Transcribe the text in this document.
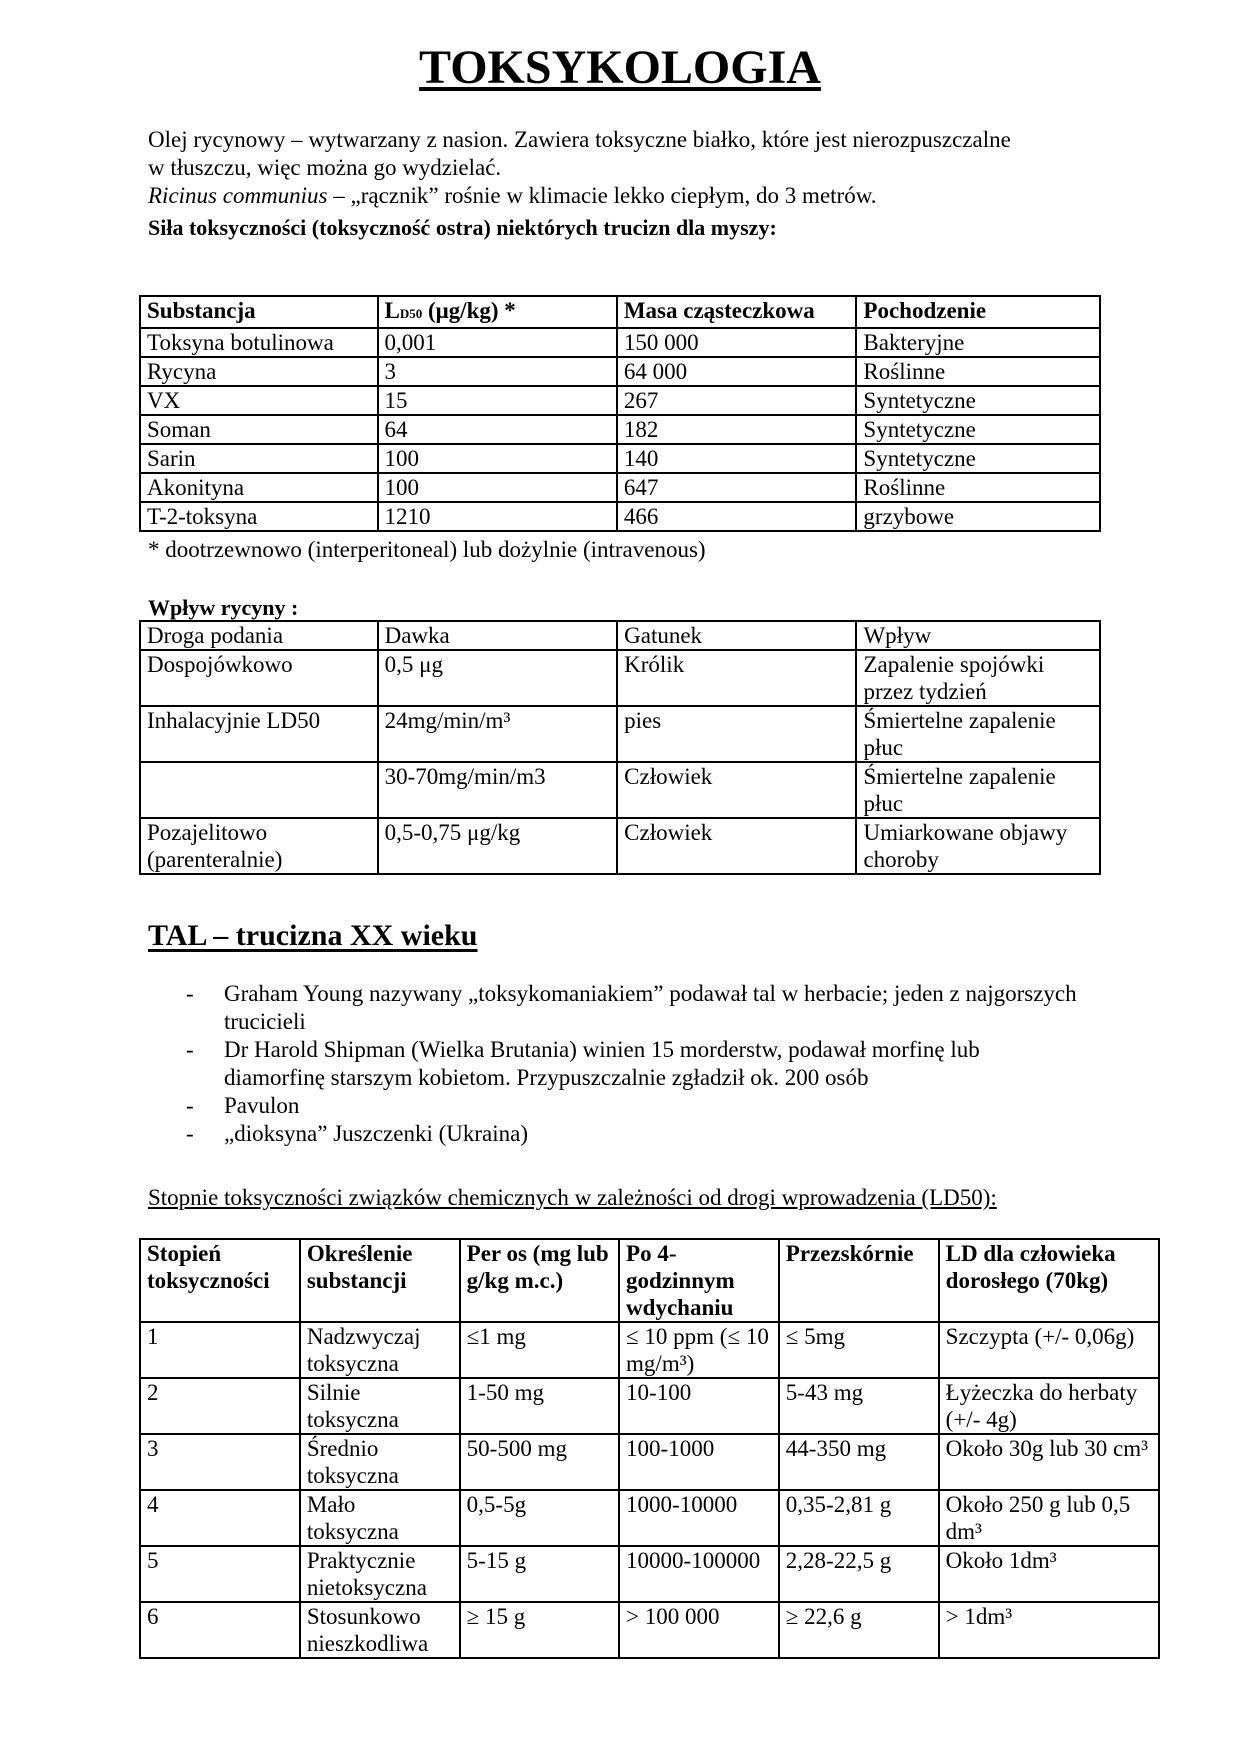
TOKSYKOLOGIA

Olej rycynowy – wytwarzany z nasion. Zawiera toksyczne białko, które jest nierozpuszczalne

w tłuszczu, więc można go wydzielać.

Ricinus communius – „rącznik” rośnie w klimacie lekko ciepłym, do 3 metrów.

Siła toksyczności (toksyczność ostra) niektórych trucizn dla myszy:
Substancja	LD50 (μg/kg) *	Masa cząsteczkowa	Pochodzenie
Toksyna botulinowa	0,001	150 000	Bakteryjne
Rycyna	3	64 000	Roślinne
VX	15	267	Syntetyczne
Soman	64	182	Syntetyczne
Sarin	100	140	Syntetyczne
Akonityna	100	647	Roślinne
T-2-toksyna	1210	466	grzybowe
* dootrzewnowo (interperitoneal) lub dożylnie (intravenous)
Wpływ rycyny :
Droga podania	Dawka	Gatunek	Wpływ
Dospojówkowo	0,5 μg	Królik	Zapalenie spojówki przez tydzień
Inhalacyjnie LD50	24mg/min/m³	pies	Śmiertelne zapalenie płuc
	30-70mg/min/m3	Człowiek	Śmiertelne zapalenie płuc
Pozajelitowo (parenteralnie)	0,5-0,75 μg/kg	Człowiek	Umiarkowane objawy choroby
TAL – trucizna XX wieku
- Graham Young nazywany „toksykomaniakiem” podawał tal w herbacie; jeden z najgorszych trucicieli
- Dr Harold Shipman (Wielka Brutania) winien 15 morderstw, podawał morfinę lub diamorfinę starszym kobietom. Przypuszczalnie zgładził ok. 200 osób
- Pavulon
- „dioksyna” Juszczenki (Ukraina)
Stopnie toksyczności związków chemicznych w zależności od drogi wprowadzenia (LD50):
Stopień toksyczności	Określenie substancji	Per os (mg lub g/kg m.c.)	Po 4-godzinnym wdychaniu	Przezskórnie	LD dla człowieka dorosłego (70kg)
1	Nadzwyczaj toksyczna	≤1 mg	≤ 10 ppm (≤ 10 mg/m³)	≤ 5mg	Szczypta (+/- 0,06g)
2	Silnie toksyczna	1-50 mg	10-100	5-43 mg	Łyżeczka do herbaty (+/- 4g)
3	Średnio toksyczna	50-500 mg	100-1000	44-350 mg	Około 30g lub 30 cm³
4	Mało toksyczna	0,5-5g	1000-10000	0,35-2,81 g	Około 250 g lub 0,5 dm³
5	Praktycznie nietoksyczna	5-15 g	10000-100000	2,28-22,5 g	Około 1dm³
6	Stosunkowo nieszkodliwa	≥ 15 g	> 100 000	≥ 22,6 g	> 1dm³
